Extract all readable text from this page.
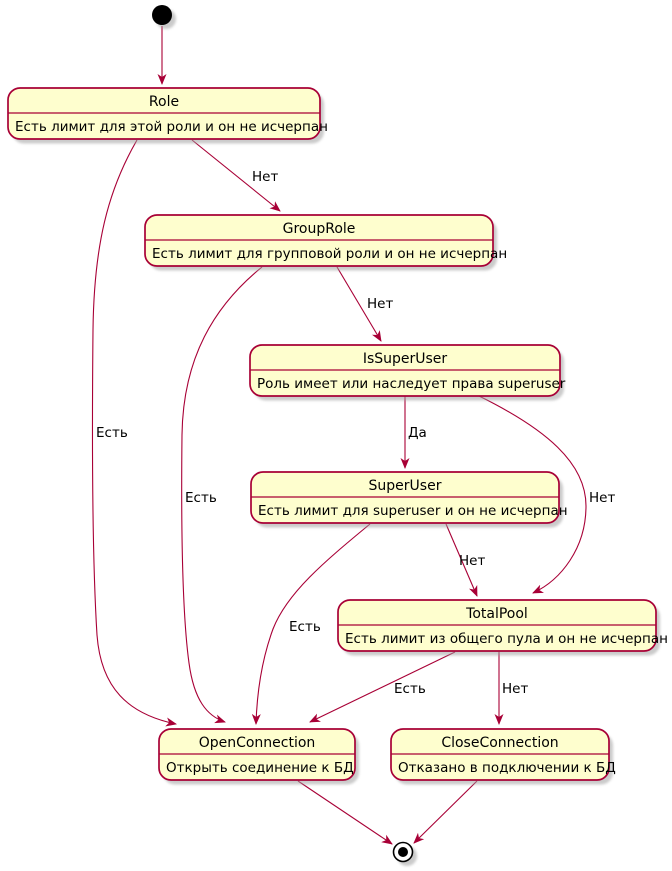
Нет
Есть
Нет
Есть
Да
Нет
Есть
Нет
Есть	Нет
Role
Есть лимит для этой роли и он не исчерпан
GroupRole
Есть лимит для групповой роли и он не исчерпан
IsSuperUser
Роль имеет или наследует права superuser
SuperUser
Есть лимит для superuser и он не исчерпан
TotalPool
Есть лимит из общего пула и он не исчерпан
OpenConnection
Открыть соединение к БД
CloseConnection
Отказано в подключении к БД
